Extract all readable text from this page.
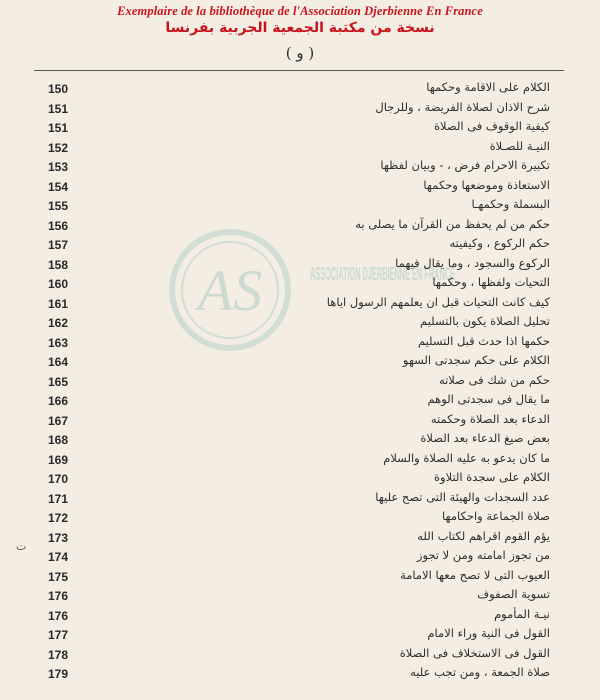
Exemplaire de la bibliothèque de l'Association Djerbienne En France
نسخة من مكتبة الجمعية الجربية بفرنسا
( و )
AS	ASSOCIATION DJERBIENNE EN FRANCE
ت
150	الكلام على الاقامة وحكمها
151	شرح الاذان لصلاة الفريضة ، وللرجال
151	كيفية الوقوف فى الصلاة
152	النيـة للصـلاة
153	تكبيرة الاحرام فرض ، - وبيان لفظها
154	الاستعاذة وموضعها وحكمها
155	البسملة وحكمهـا
156	حكم من لم يحفظ من القرآن ما يصلى به
157	حكم الركوع ، وكيفيته
158	الركوع والسجود ، وما يقال فيهما
160	التحيات ولفظها ، وحكمها
161	كيف كانت التحيات قبل ان يعلمهم الرسول اياها
162	تحليل الصلاة يكون بالتسليم
163	حكمها اذا حدث قبل التسليم
164	الكلام على حكم سجدتى السهو
165	حكم من شك فى صلاته
166	ما يقال فى سجدتى الوهم
167	الدعاء بعد الصلاة وحكمته
168	بعض صيغ الدعاء بعد الصلاة
169	ما كان يدعو به عليه الصلاة والسلام
170	الكلام على سجدة التلاوة
171	عدد السجدات والهيئة التى تصح عليها
172	صلاة الجماعة واحكامها
173	يؤم القوم اقراهم لكتاب الله
174	من تجوز امامته ومن لا تجوز
175	العيوب التى لا تصح معها الامامة
176	تسوية الصفوف
176	نيـة المأموم
177	القول فى النية وراء الامام
178	القول فى الاستخلاف فى الصلاة
179	صلاة الجمعة ، ومن تجب عليه
